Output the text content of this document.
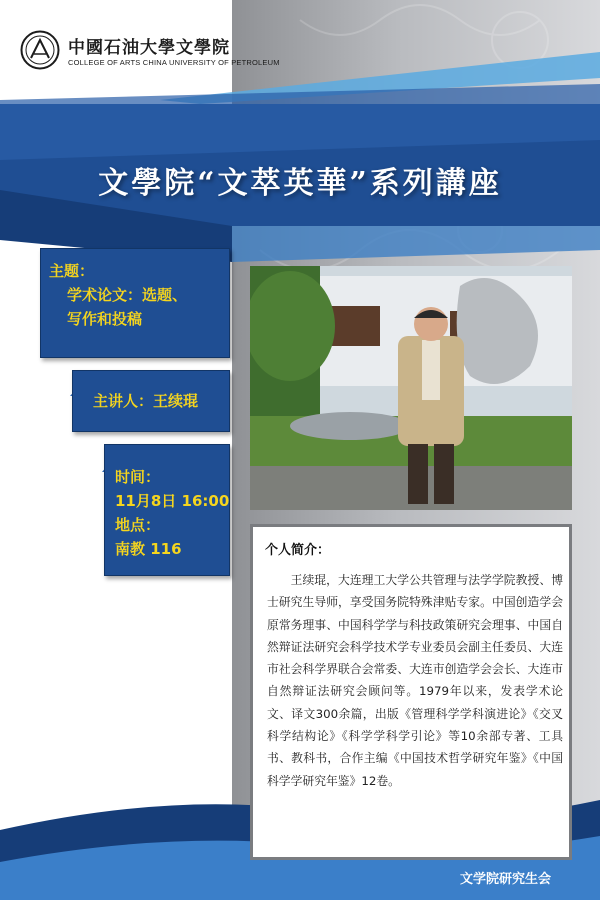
中國石油大學文學院
COLLEGE OF ARTS CHINA UNIVERSITY OF PETROLEUM
文學院“文萃英華”系列講座
主题：
学术论文：选题、
写作和投稿
主讲人：王续琨
时间：
11月8日 16:00
地点：
南教 116	个人简介：
王续琨，大连理工大学公共管理与法学学院教授、博士研究生导师，享受国务院特殊津贴专家。中国创造学会原常务理事、中国科学学与科技政策研究会理事、中国自然辩证法研究会科学技术学专业委员会副主任委员、大连市社会科学界联合会常委、大连市创造学会会长、大连市自然辩证法研究会顾问等。1979年以来，发表学术论文、译文300余篇，出版《管理科学学科演进论》《交叉科学结构论》《科学学科学引论》等10余部专著、工具书、教科书，合作主编《中国技术哲学研究年鉴》《中国科学学研究年鉴》12卷。
文学院研究生会
